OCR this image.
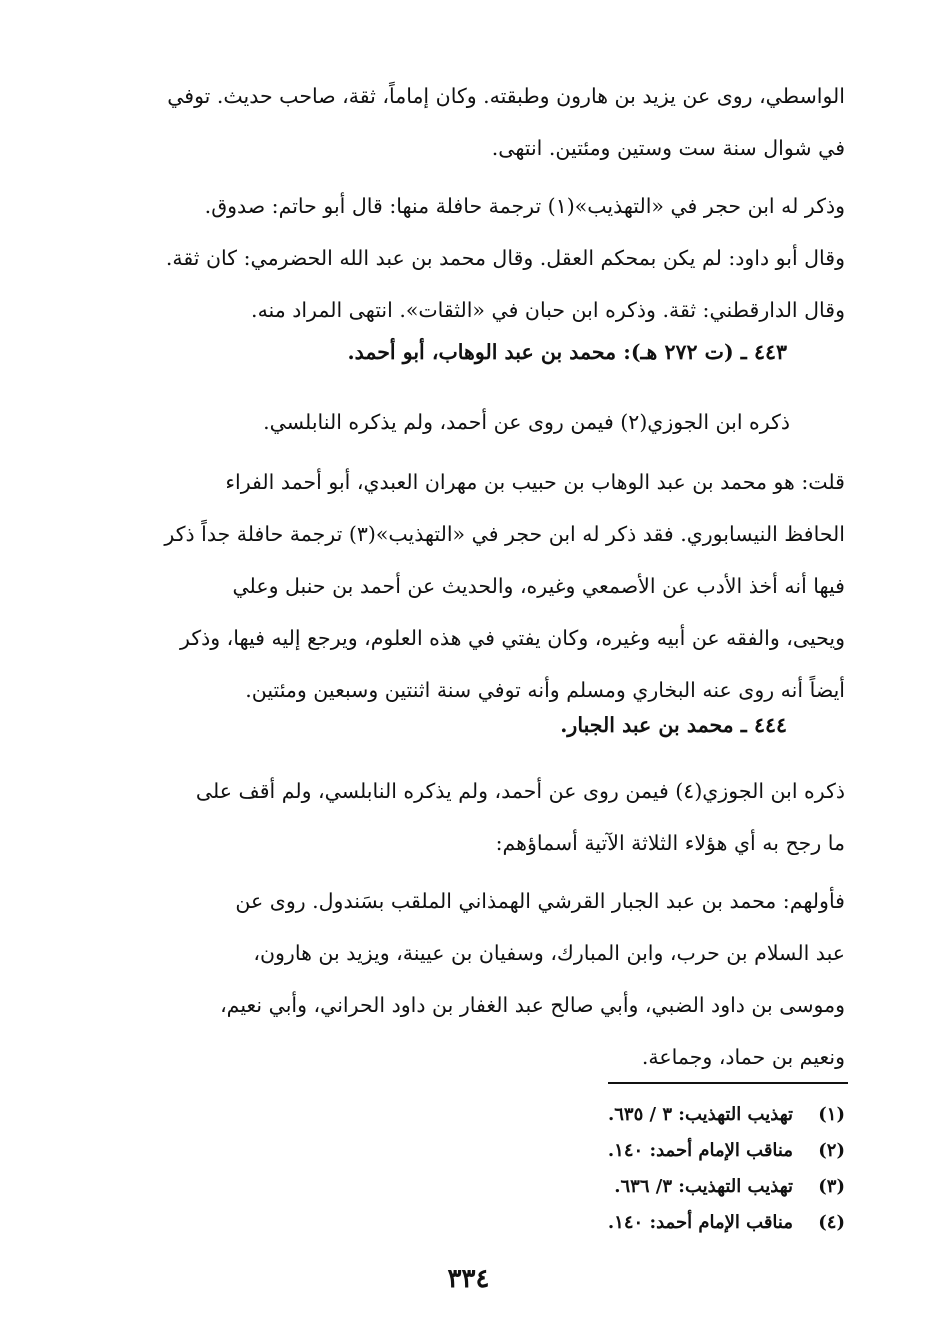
الواسطي، روى عن يزيد بن هارون وطبقته. وكان إماماً، ثقة، صاحب حديث. توفي
في شوال سنة ست وستين ومئتين. انتهى.
وذكر له ابن حجر في «التهذيب»(١) ترجمة حافلة منها: قال أبو حاتم: صدوق.
وقال أبو داود: لم يكن بمحكم العقل. وقال محمد بن عبد الله الحضرمي: كان ثقة.
وقال الدارقطني: ثقة. وذكره ابن حبان في «الثقات». انتهى المراد منه.
٤٤٣ ـ (ت ٢٧٢ هـ): محمد بن عبد الوهاب، أبو أحمد.
ذكره ابن الجوزي(٢) فيمن روى عن أحمد، ولم يذكره النابلسي.
قلت: هو محمد بن عبد الوهاب بن حبيب بن مهران العبدي، أبو أحمد الفراء
الحافظ النيسابوري. فقد ذكر له ابن حجر في «التهذيب»(٣) ترجمة حافلة جداً ذكر
فيها أنه أخذ الأدب عن الأصمعي وغيره، والحديث عن أحمد بن حنبل وعلي
ويحيى، والفقه عن أبيه وغيره، وكان يفتي في هذه العلوم، ويرجع إليه فيها، وذكر
أيضاً أنه روى عنه البخاري ومسلم وأنه توفي سنة اثنتين وسبعين ومئتين.
٤٤٤ ـ محمد بن عبد الجبار.
ذكره ابن الجوزي(٤) فيمن روى عن أحمد، ولم يذكره النابلسي، ولم أقف على
ما رجح به أي هؤلاء الثلاثة الآتية أسماؤهم:
فأولهم: محمد بن عبد الجبار القرشي الهمذاني الملقب بسَندول. روى عن
عبد السلام بن حرب، وابن المبارك، وسفيان بن عيينة، ويزيد بن هارون،
وموسى بن داود الضبي، وأبي صالح عبد الغفار بن داود الحراني، وأبي نعيم،
ونعيم بن حماد، وجماعة.
(١)تهذيب التهذيب: ٣ / ٦٣٥.
(٢)مناقب الإمام أحمد: ١٤٠.
(٣)تهذيب التهذيب: ٣/ ٦٣٦.
(٤)مناقب الإمام أحمد: ١٤٠.
٣٣٤
